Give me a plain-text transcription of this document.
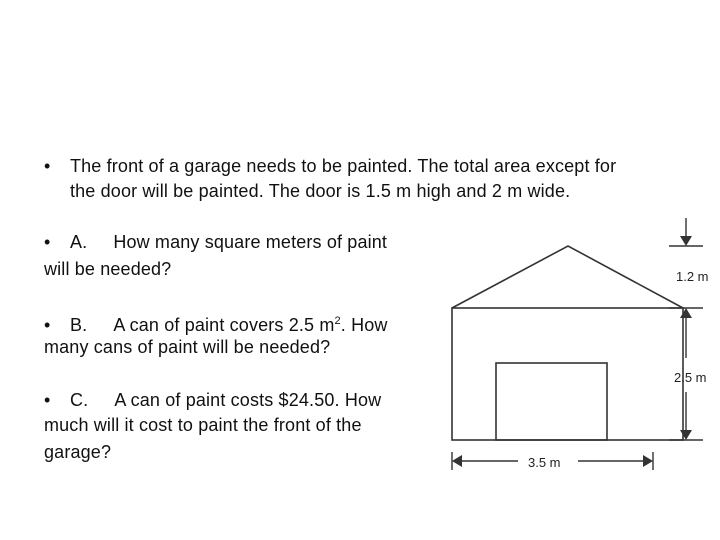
• The front of a garage needs to be painted. The total area except for
the door will be painted. The door is 1.5 m high and 2 m wide.
• A. How many square meters of paint
will be needed?
• B. A can of paint covers 2.5 $m^2$. How
many cans of paint will be needed?
• C. A can of paint costs $24.50. How
much will it cost to paint the front of the
garage?
1.2 m
2.5 m
3.5 m
